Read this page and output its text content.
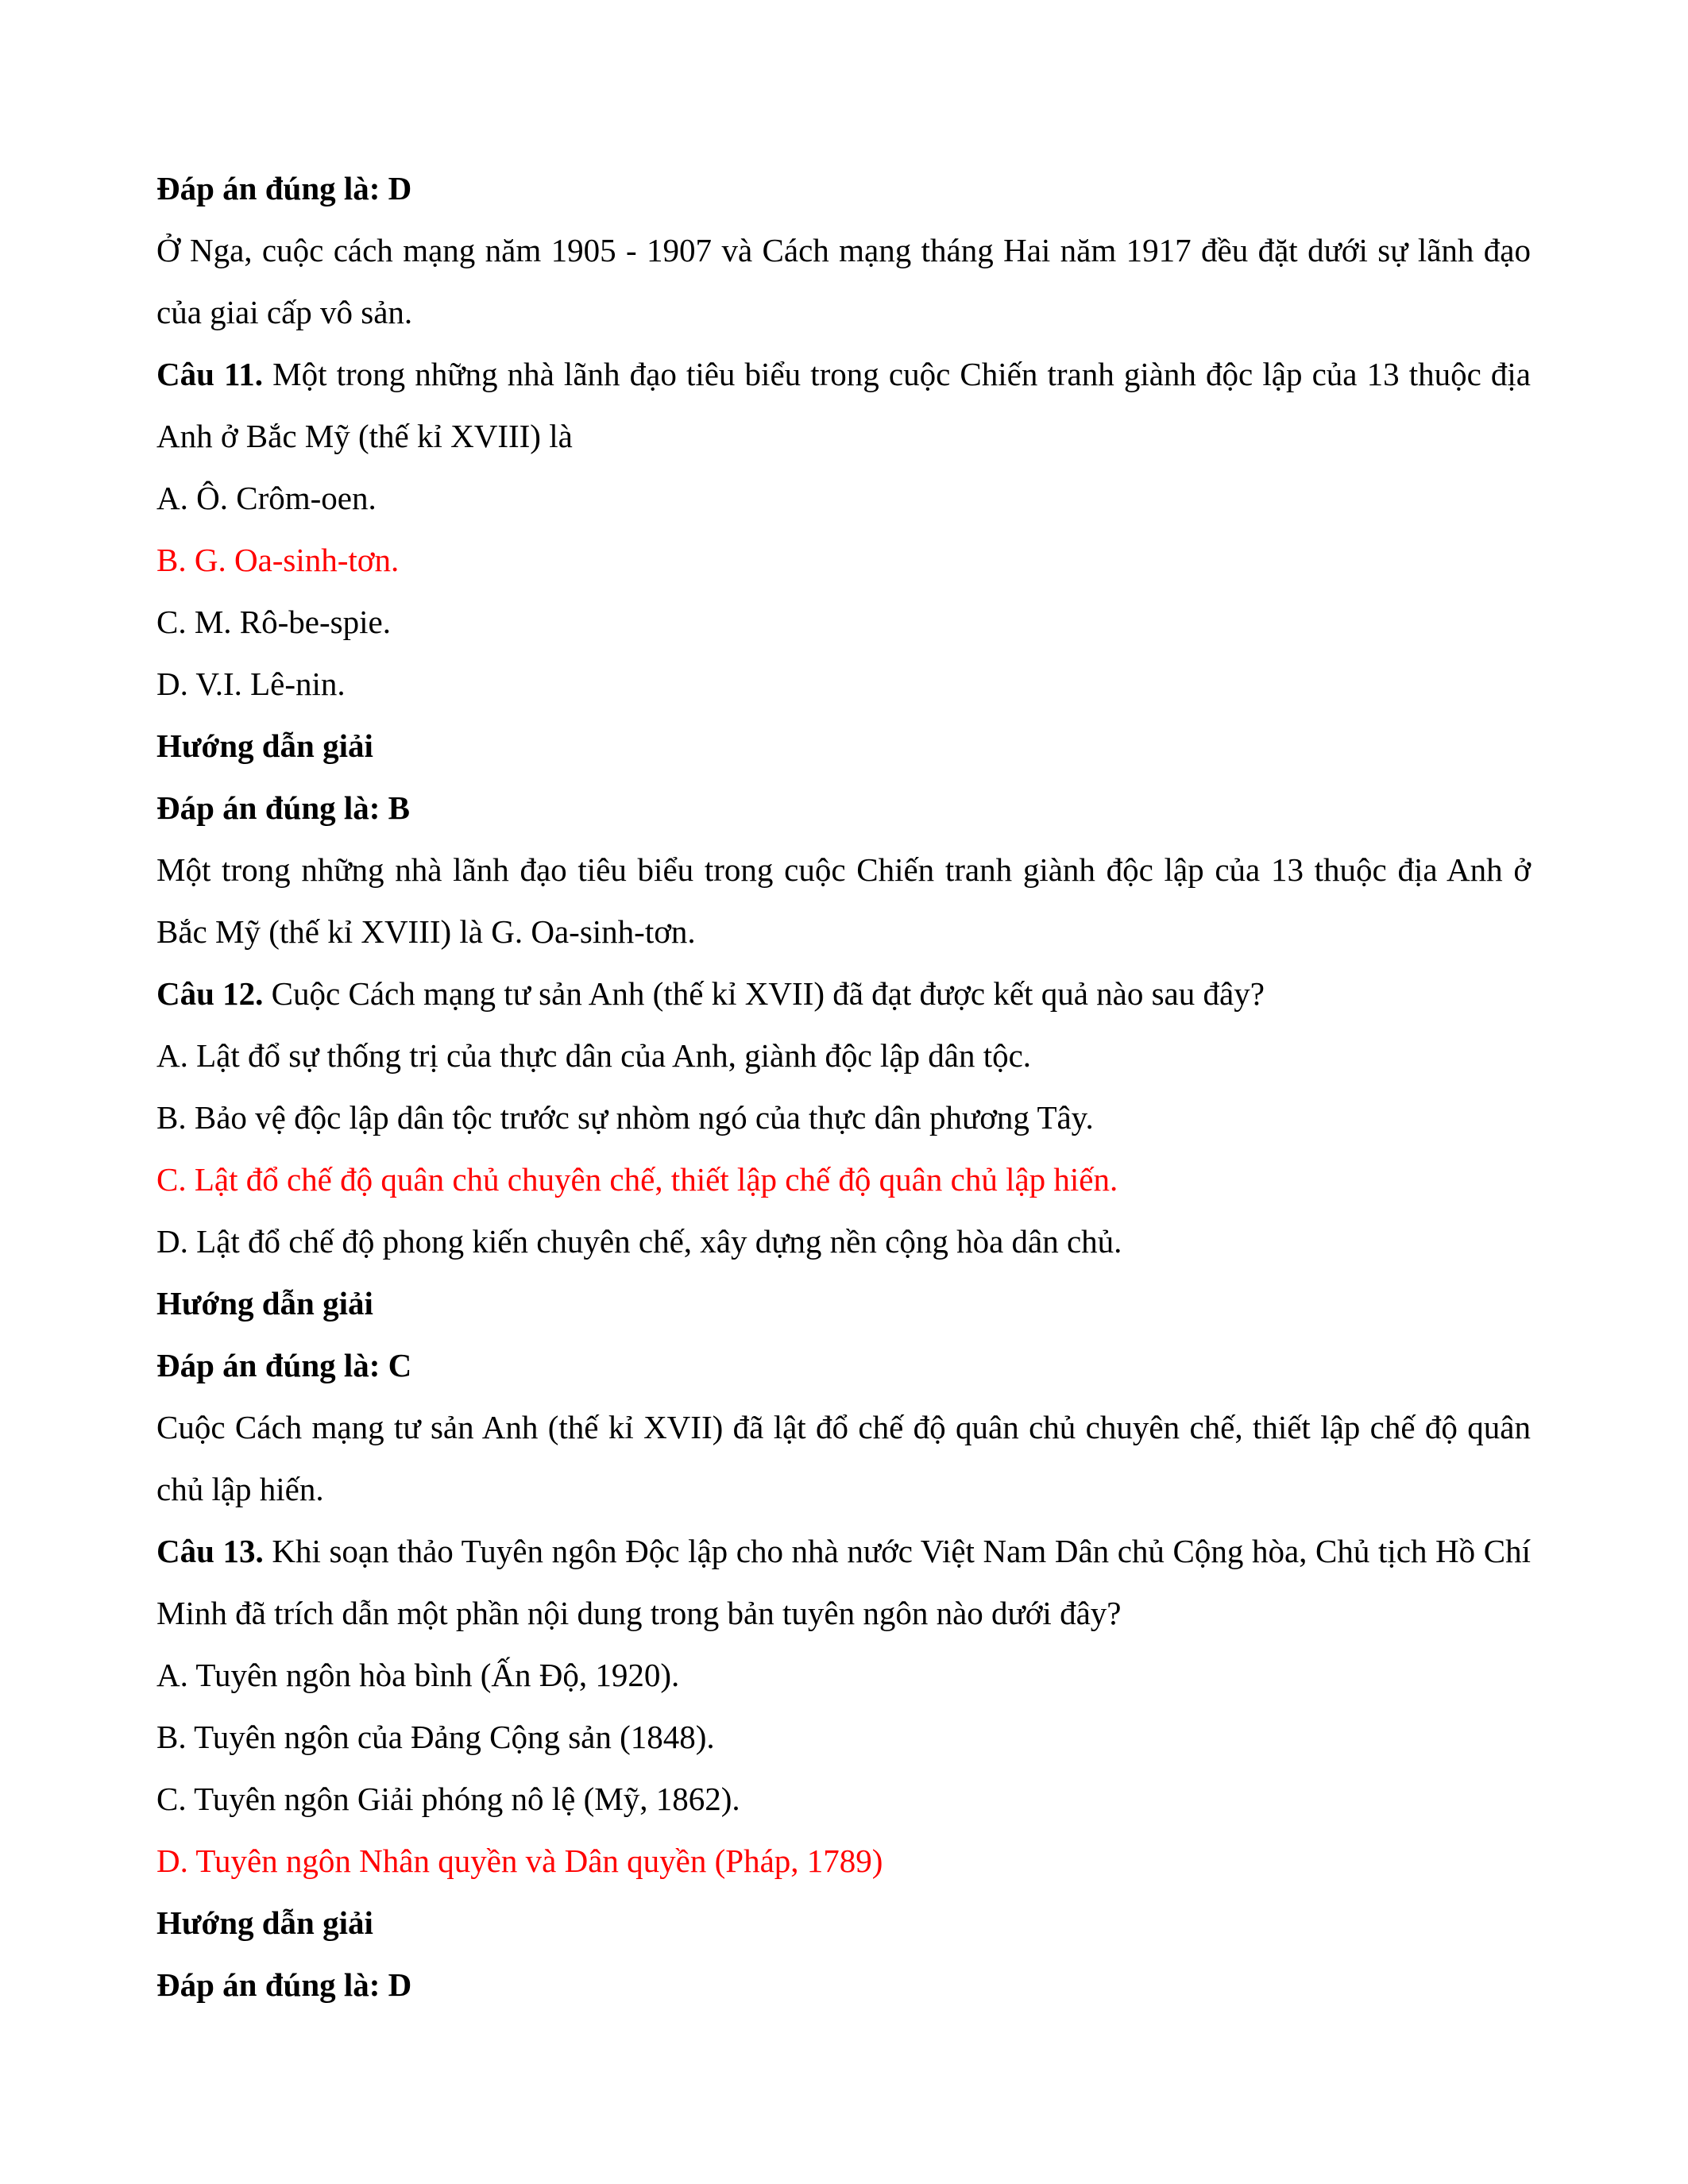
Đáp án đúng là: D

Ở Nga, cuộc cách mạng năm 1905 - 1907 và Cách mạng tháng Hai năm 1917 đều đặt dưới sự lãnh đạo của giai cấp vô sản.

Câu 11. Một trong những nhà lãnh đạo tiêu biểu trong cuộc Chiến tranh giành độc lập của 13 thuộc địa Anh ở Bắc Mỹ (thế kỉ XVIII) là

A. Ô. Crôm-oen.

B. G. Oa-sinh-tơn.

C. M. Rô-be-spie.

D. V.I. Lê-nin.

Hướng dẫn giải

Đáp án đúng là: B

Một trong những nhà lãnh đạo tiêu biểu trong cuộc Chiến tranh giành độc lập của 13 thuộc địa Anh ở Bắc Mỹ (thế kỉ XVIII) là G. Oa-sinh-tơn.

Câu 12. Cuộc Cách mạng tư sản Anh (thế kỉ XVII) đã đạt được kết quả nào sau đây?

A. Lật đổ sự thống trị của thực dân của Anh, giành độc lập dân tộc.

B. Bảo vệ độc lập dân tộc trước sự nhòm ngó của thực dân phương Tây.

C. Lật đổ chế độ quân chủ chuyên chế, thiết lập chế độ quân chủ lập hiến.

D. Lật đổ chế độ phong kiến chuyên chế, xây dựng nền cộng hòa dân chủ.

Hướng dẫn giải

Đáp án đúng là: C

Cuộc Cách mạng tư sản Anh (thế kỉ XVII) đã lật đổ chế độ quân chủ chuyên chế, thiết lập chế độ quân chủ lập hiến.

Câu 13. Khi soạn thảo Tuyên ngôn Độc lập cho nhà nước Việt Nam Dân chủ Cộng hòa, Chủ tịch Hồ Chí Minh đã trích dẫn một phần nội dung trong bản tuyên ngôn nào dưới đây?

A. Tuyên ngôn hòa bình (Ấn Độ, 1920).

B. Tuyên ngôn của Đảng Cộng sản (1848).

C. Tuyên ngôn Giải phóng nô lệ (Mỹ, 1862).

D. Tuyên ngôn Nhân quyền và Dân quyền (Pháp, 1789)

Hướng dẫn giải

Đáp án đúng là: D
